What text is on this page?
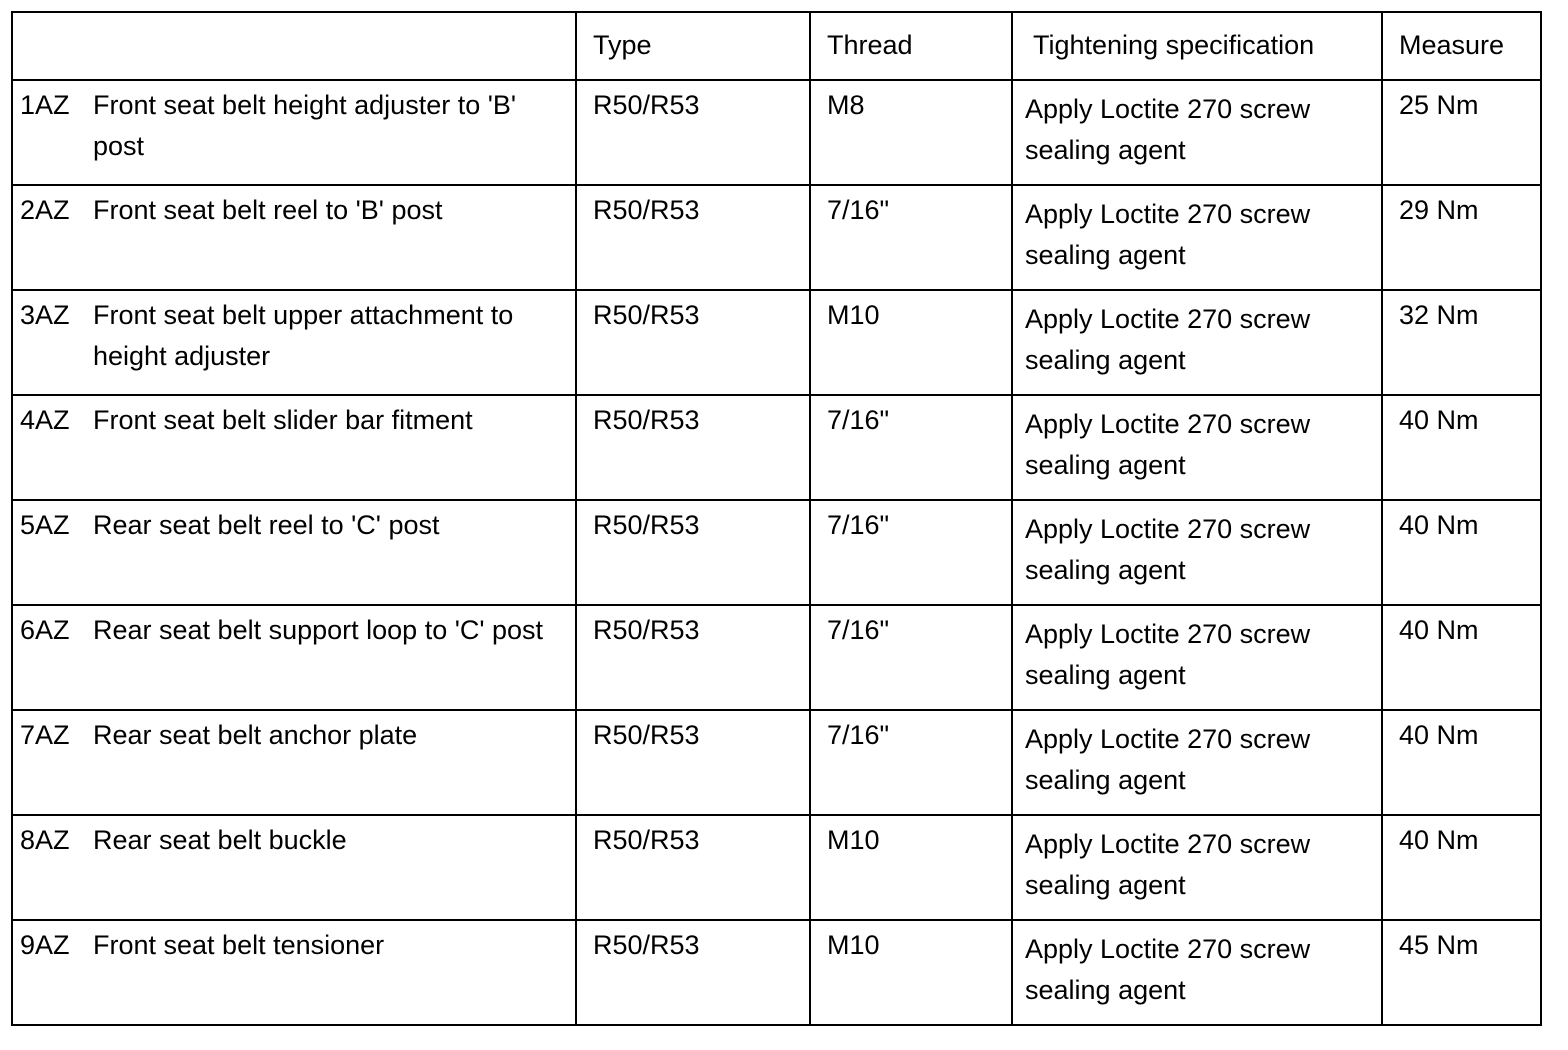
	Type	Thread	Tightening specification	Measure

1AZ Front seat belt height adjuster to 'B' post	R50/R53	M8	Apply Loctite 270 screw sealing agent	25 Nm

2AZ Front seat belt reel to 'B' post	R50/R53	7/16"	Apply Loctite 270 screw sealing agent	29 Nm

3AZ Front seat belt upper attachment to height adjuster	R50/R53	M10	Apply Loctite 270 screw sealing agent	32 Nm

4AZ Front seat belt slider bar fitment	R50/R53	7/16"	Apply Loctite 270 screw sealing agent	40 Nm

5AZ Rear seat belt reel to 'C' post	R50/R53	7/16"	Apply Loctite 270 screw sealing agent	40 Nm

6AZ Rear seat belt support loop to 'C' post	R50/R53	7/16"	Apply Loctite 270 screw sealing agent	40 Nm

7AZ Rear seat belt anchor plate	R50/R53	7/16"	Apply Loctite 270 screw sealing agent	40 Nm

8AZ Rear seat belt buckle	R50/R53	M10	Apply Loctite 270 screw sealing agent	40 Nm

9AZ Front seat belt tensioner	R50/R53	M10	Apply Loctite 270 screw sealing agent	45 Nm
